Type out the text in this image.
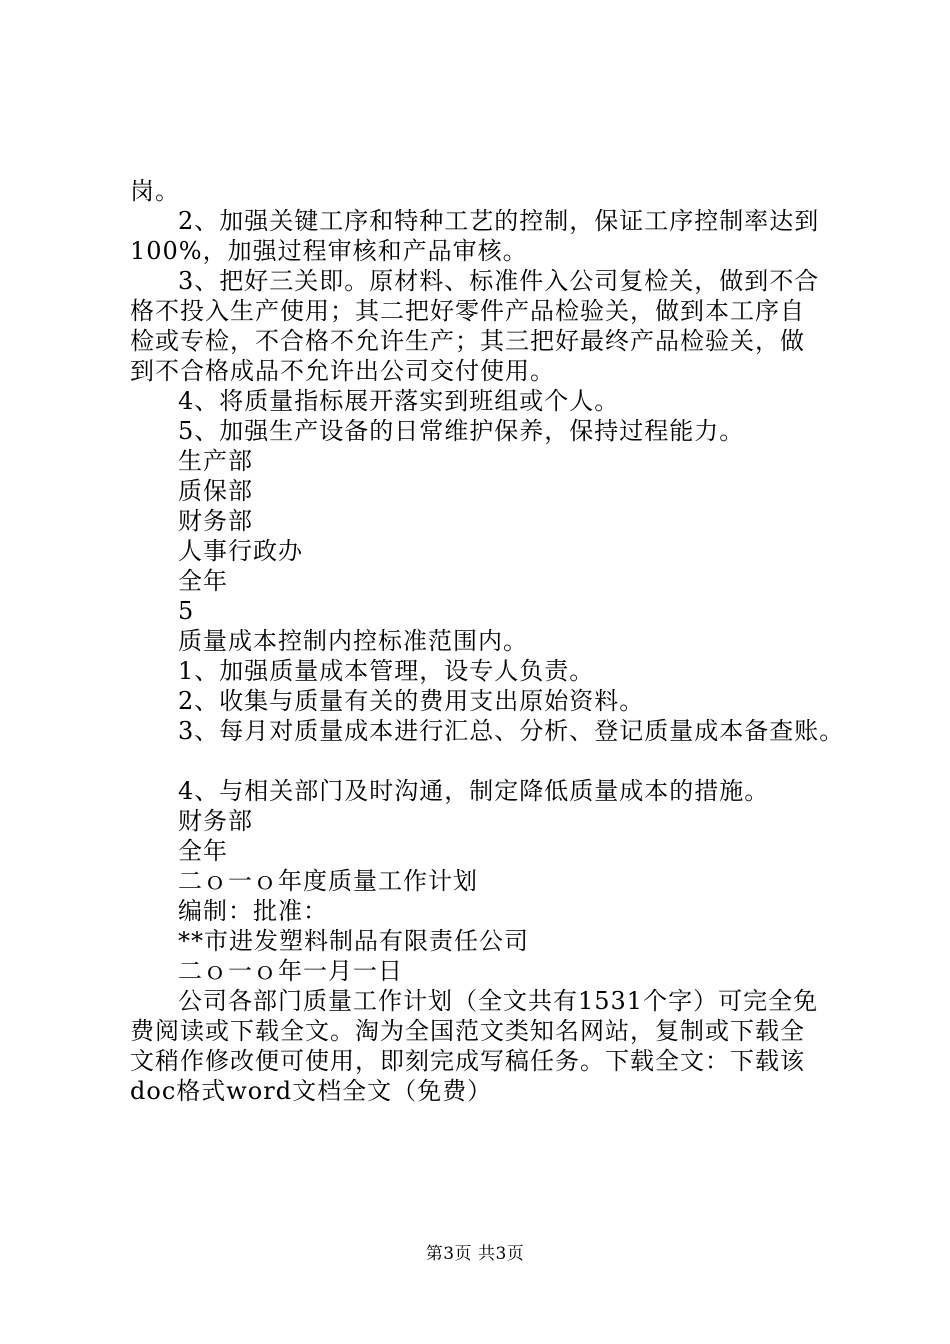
岗。
2、加强关键工序和特种工艺的控制，保证工序控制率达到
100%，加强过程审核和产品审核。
3、把好三关即。原材料、标准件入公司复检关，做到不合
格不投入生产使用；其二把好零件产品检验关，做到本工序自
检或专检，不合格不允许生产；其三把好最终产品检验关，做
到不合格成品不允许出公司交付使用。
4、将质量指标展开落实到班组或个人。
5、加强生产设备的日常维护保养，保持过程能力。
生产部
质保部
财务部
人事行政办
全年
5
质量成本控制内控标准范围内。
1、加强质量成本管理，设专人负责。
2、收集与质量有关的费用支出原始资料。
3、每月对质量成本进行汇总、分析、登记质量成本备查账。
4、与相关部门及时沟通，制定降低质量成本的措施。
财务部
全年
二ｏ一ｏ年度质量工作计划
编制：批准：
**市进发塑料制品有限责任公司
二ｏ一ｏ年一月一日
公司各部门质量工作计划（全文共有1531个字）可完全免
费阅读或下载全文。淘为全国范文类知名网站，复制或下载全
文稍作修改便可使用，即刻完成写稿任务。下载全文：下载该
doc格式word文档全文（免费）
第3页 共3页
